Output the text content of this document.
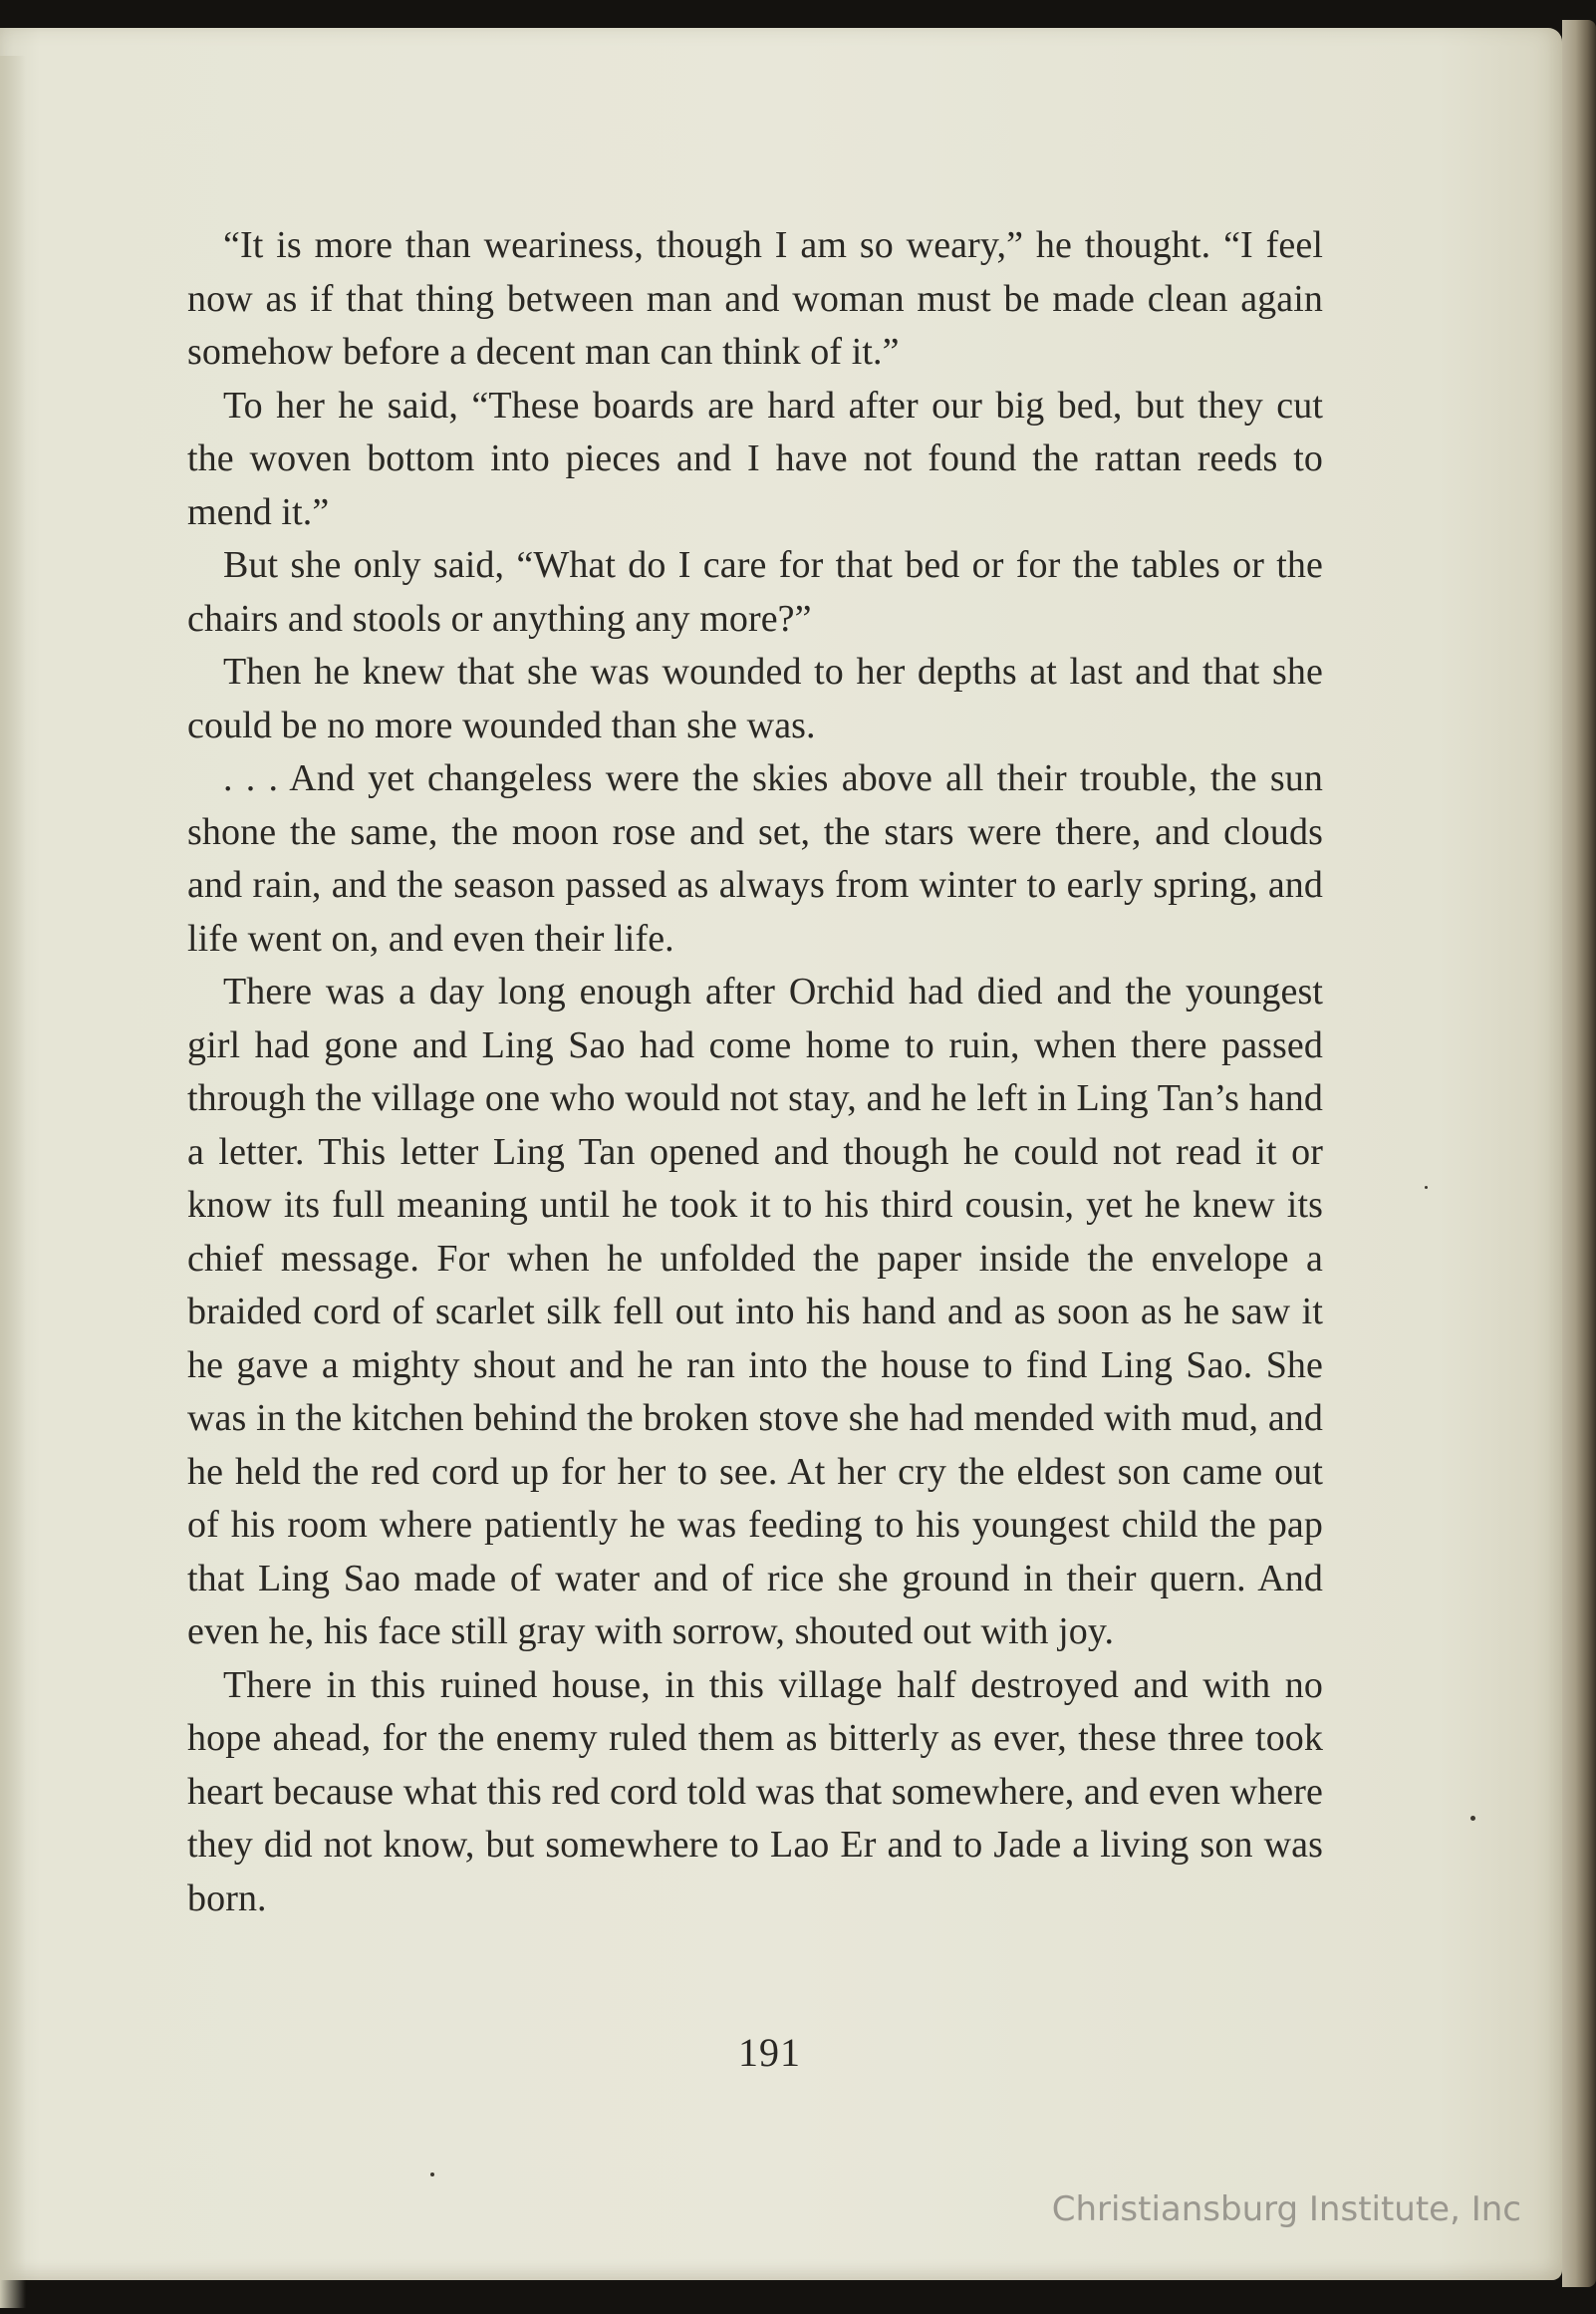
“It is more than weariness, though I am so weary,” he thought. “I feel now as if that thing between man and woman must be made clean again somehow before a decent man can think of it.”

To her he said, “These boards are hard after our big bed, but they cut the woven bottom into pieces and I have not found the rattan reeds to mend it.”

But she only said, “What do I care for that bed or for the tables or the chairs and stools or anything any more?”

Then he knew that she was wounded to her depths at last and that she could be no more wounded than she was.

. . . And yet changeless were the skies above all their trouble, the sun shone the same, the moon rose and set, the stars were there, and clouds and rain, and the season passed as always from winter to early spring, and life went on, and even their life.

There was a day long enough after Orchid had died and the youngest girl had gone and Ling Sao had come home to ruin, when there passed through the village one who would not stay, and he left in Ling Tan’s hand a letter. This letter Ling Tan opened and though he could not read it or know its full meaning until he took it to his third cousin, yet he knew its chief message. For when he unfolded the paper inside the envelope a braided cord of scarlet silk fell out into his hand and as soon as he saw it he gave a mighty shout and he ran into the house to find Ling Sao. She was in the kitchen behind the broken stove she had mended with mud, and he held the red cord up for her to see. At her cry the eldest son came out of his room where patiently he was feeding to his youngest child the pap that Ling Sao made of water and of rice she ground in their quern. And even he, his face still gray with sorrow, shouted out with joy.

There in this ruined house, in this village half destroyed and with no hope ahead, for the enemy ruled them as bitterly as ever, these three took heart because what this red cord told was that somewhere, and even where they did not know, but somewhere to Lao Er and to Jade a living son was born.

191
Christiansburg Institute, Inc
